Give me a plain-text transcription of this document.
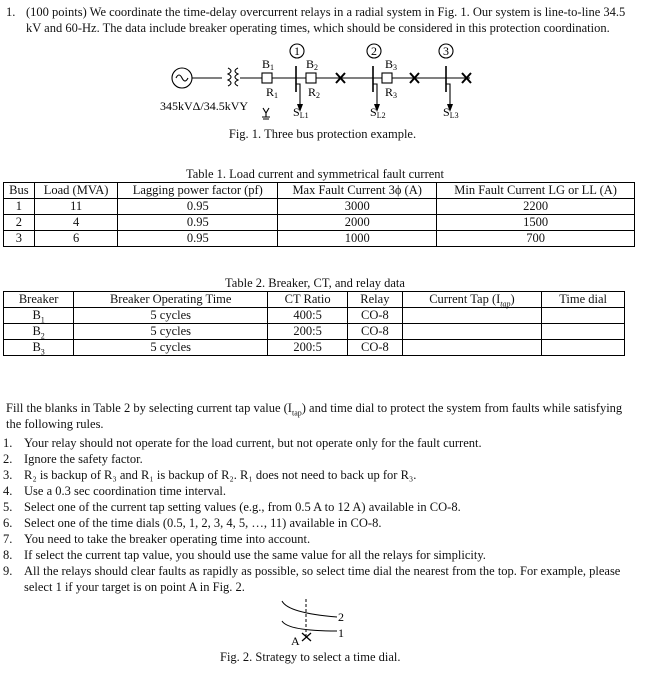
1. (100 points) We coordinate the time-delay overcurrent relays in a radial system in Fig. 1. Our system is line-to-line 34.5 kV and 60-Hz. The data include breaker operating times, which should be considered in this protection coordination.

1	2	3
B1	B2	B3
R1 R2	R3
SL1	SL2	SL3
345kVΔ/34.5kVY
Fig. 1. Three bus protection example.
Table 1. Load current and symmetrical fault current
Bus	Load (MVA)	Lagging power factor (pf)	Max Fault Current 3ϕ (A)	Min Fault Current LG or LL (A)
1	11	0.95	3000	2200
2	4	0.95	2000	1500
3	6	0.95	1000	700
Table 2. Breaker, CT, and relay data
Breaker	Breaker Operating Time	CT Ratio	Relay	Current Tap $(I_{tap})$	Time dial
$B_1$	5 cycles	400:5	CO-8		
$B_2$	5 cycles	200:5	CO-8		
$B_3$	5 cycles	200:5	CO-8		

Fill the blanks in Table 2 by selecting current tap value $(I_{tap})$ and time dial to protect the system from faults while satisfying the following rules.

1. Your relay should not operate for the load current, but not operate only for the fault current.
2. Ignore the safety factor.
3. R₂ is backup of R₃ and R₁ is backup of R₂. R₁ does not need to back up for R₃.
4. Use a 0.3 sec coordination time interval.
5. Select one of the current tap setting values (e.g., from 0.5 A to 12 A) available in CO-8.
6. Select one of the time dials (0.5, 1, 2, 3, 4, 5, …, 11) available in CO-8.
7. You need to take the breaker operating time into account.
8. If select the current tap value, you should use the same value for all the relays for simplicity.
9. All the relays should clear faults as rapidly as possible, so select time dial the nearest from the top. For example, please select 1 if your target is on point A in Fig. 2.
2
1
A
Fig. 2. Strategy to select a time dial.
